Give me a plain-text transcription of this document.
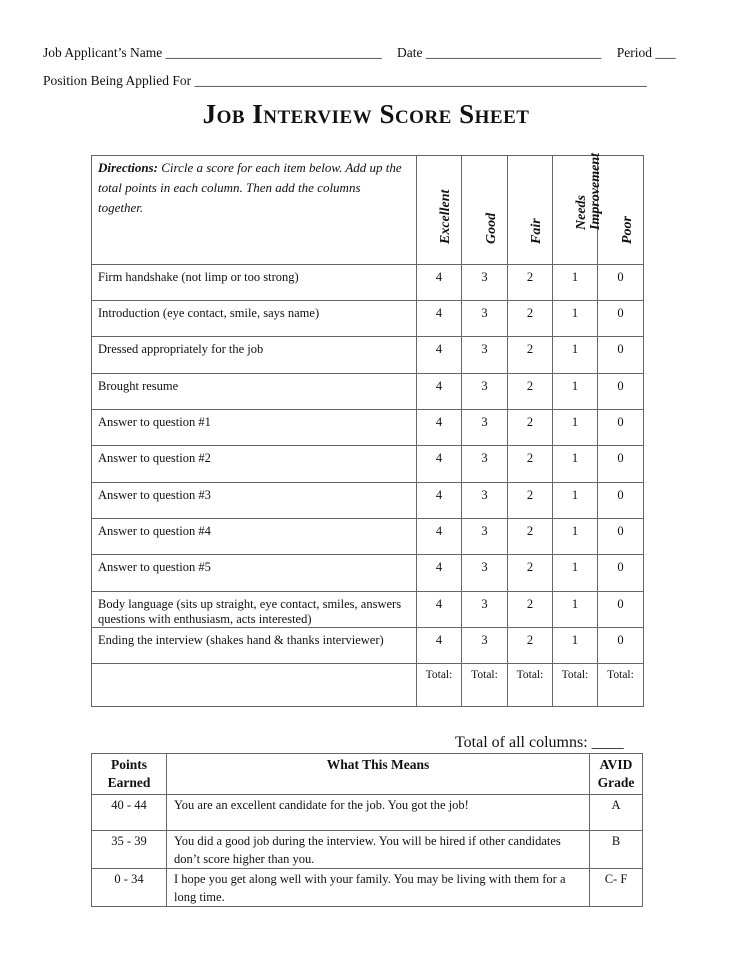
Job Applicant’s Name ________________________________ Date __________________________ Period ___
Position Being Applied For ___________________________________________________________________
Job Interview Score Sheet
Directions: Circle a score for each item below. Add up the total points in each column. Then add the columns together.	Excellent	Good	Fair	Needs Improvement	Poor

Firm handshake (not limp or too strong)	4	3	2	1	0
Introduction (eye contact, smile, says name)	4	3	2	1	0
Dressed appropriately for the job	4	3	2	1	0
Brought resume	4	3	2	1	0
Answer to question #1	4	3	2	1	0
Answer to question #2	4	3	2	1	0
Answer to question #3	4	3	2	1	0
Answer to question #4	4	3	2	1	0
Answer to question #5	4	3	2	1	0
Body language (sits up straight, eye contact, smiles, answers questions with enthusiasm, acts interested)	4	3	2	1	0
Ending the interview (shakes hand & thanks interviewer)	4	3	2	1	0
	Total:	Total:	Total:	Total:	Total:
Total of all columns: ____
Points Earned	What This Means	AVID Grade
40 - 44	You are an excellent candidate for the job. You got the job!	A
35 - 39	You did a good job during the interview. You will be hired if other candidates don’t score higher than you.	B
0 - 34	I hope you get along well with your family. You may be living with them for a long time.	C- F
